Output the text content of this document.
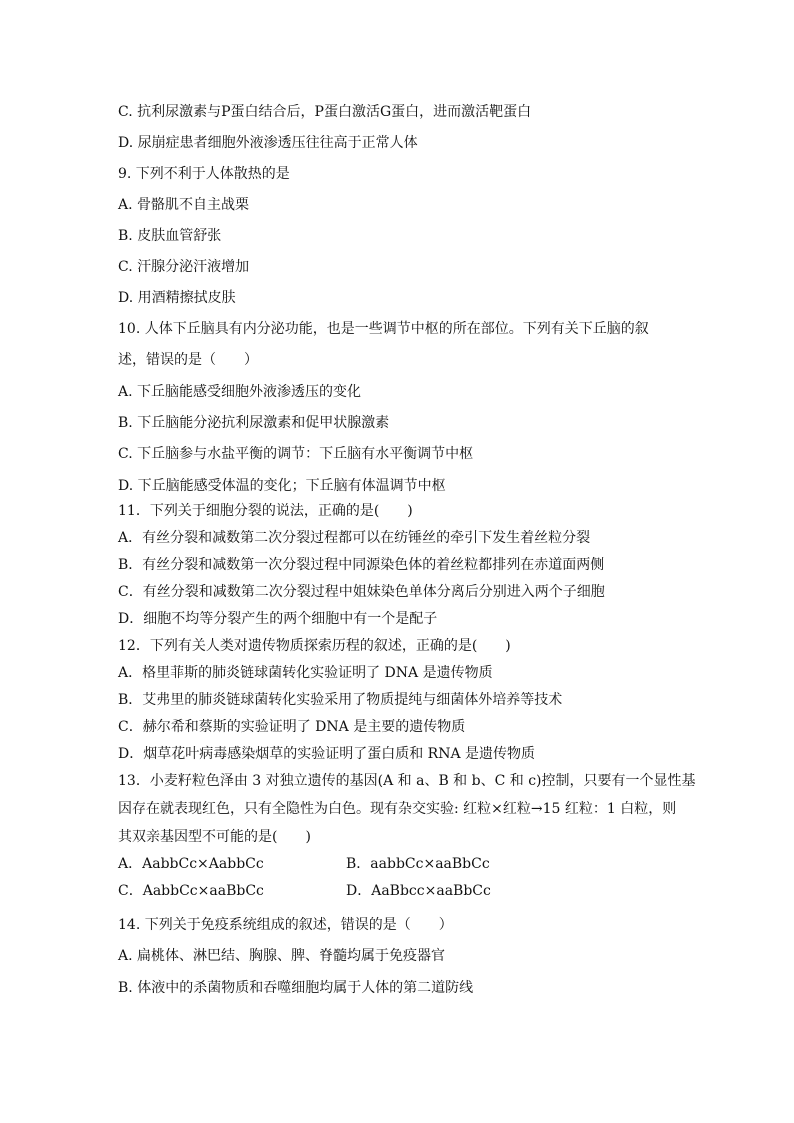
C. 抗利尿激素与P蛋白结合后，P蛋白激活G蛋白，进而激活靶蛋白
D. 尿崩症患者细胞外液渗透压往往高于正常人体
9. 下列不利于人体散热的是
A. 骨骼肌不自主战栗
B. 皮肤血管舒张
C. 汗腺分泌汗液增加
D. 用酒精擦拭皮肤
10. 人体下丘脑具有内分泌功能，也是一些调节中枢的所在部位。下列有关下丘脑的叙
述，错误的是（　　）
A. 下丘脑能感受细胞外液渗透压的变化
B. 下丘脑能分泌抗利尿激素和促甲状腺激素
C. 下丘脑参与水盐平衡的调节：下丘脑有水平衡调节中枢
D. 下丘脑能感受体温的变化；下丘脑有体温调节中枢
11．下列关于细胞分裂的说法，正确的是(　　)
A．有丝分裂和减数第二次分裂过程都可以在纺锤丝的牵引下发生着丝粒分裂
B．有丝分裂和减数第一次分裂过程中同源染色体的着丝粒都排列在赤道面两侧
C．有丝分裂和减数第二次分裂过程中姐妹染色单体分离后分别进入两个子细胞
D．细胞不均等分裂产生的两个细胞中有一个是配子
12．下列有关人类对遗传物质探索历程的叙述，正确的是(　　)
A．格里菲斯的肺炎链球菌转化实验证明了 DNA 是遗传物质
B．艾弗里的肺炎链球菌转化实验采用了物质提纯与细菌体外培养等技术
C．赫尔希和蔡斯的实验证明了 DNA 是主要的遗传物质
D．烟草花叶病毒感染烟草的实验证明了蛋白质和 RNA 是遗传物质
13．小麦籽粒色泽由 3 对独立遗传的基因(A 和 a、B 和 b、C 和 c)控制，只要有一个显性基
因存在就表现红色，只有全隐性为白色。现有杂交实验: 红粒×红粒→15 红粒：1 白粒，则
其双亲基因型不可能的是(　　)
A．AabbCc×AabbCc	B．aabbCc×aaBbCc
C．AabbCc×aaBbCc	D．AaBbcc×aaBbCc
14. 下列关于免疫系统组成的叙述，错误的是（　　）
A. 扁桃体、淋巴结、胸腺、脾、脊髓均属于免疫器官
B. 体液中的杀菌物质和吞噬细胞均属于人体的第二道防线
